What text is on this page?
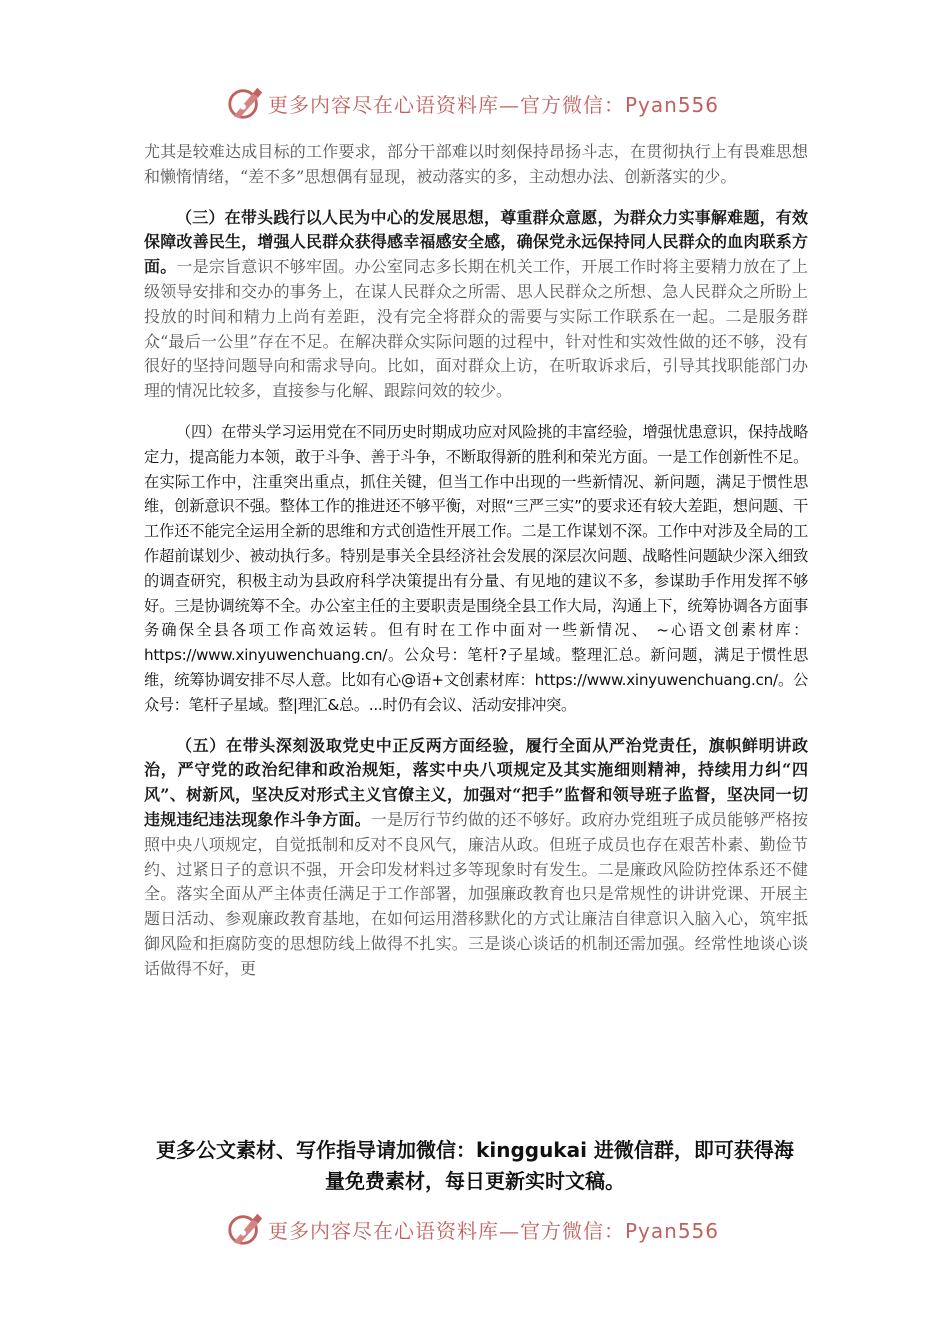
更多内容尽在心语资料库—官方微信：Pyan556

尤其是较难达成目标的工作要求，部分干部难以时刻保持昂扬斗志，在贯彻执行上有畏难思想和懒惰情绪，“差不多”思想偶有显现，被动落实的多，主动想办法、创新落实的少。

（三）在带头践行以人民为中心的发展思想，尊重群众意愿，为群众力实事解难题，有效保障改善民生，增强人民群众获得感幸福感安全感，确保党永远保持同人民群众的血肉联系方面。一是宗旨意识不够牢固。办公室同志多长期在机关工作，开展工作时将主要精力放在了上级领导安排和交办的事务上，在谋人民群众之所需、思人民群众之所想、急人民群众之所盼上投放的时间和精力上尚有差距，没有完全将群众的需要与实际工作联系在一起。二是服务群众“最后一公里”存在不足。在解决群众实际问题的过程中，针对性和实效性做的还不够，没有很好的坚持问题导向和需求导向。比如，面对群众上访，在听取诉求后，引导其找职能部门办理的情况比较多，直接参与化解、跟踪问效的较少。

（四）在带头学习运用党在不同历史时期成功应对风险挑的丰富经验，增强忧患意识，保持战略定力，提高能力本领，敢于斗争、善于斗争，不断取得新的胜利和荣光方面。一是工作创新性不足。在实际工作中，注重突出重点，抓住关键，但当工作中出现的一些新情况、新问题，满足于惯性思维，创新意识不强。整体工作的推进还不够平衡，对照“三严三实”的要求还有较大差距，想问题、干工作还不能完全运用全新的思维和方式创造性开展工作。二是工作谋划不深。工作中对涉及全局的工作超前谋划少、被动执行多。特别是事关全县经济社会发展的深层次问题、战略性问题缺少深入细致的调查研究，积极主动为县政府科学决策提出有分量、有见地的建议不多，参谋助手作用发挥不够好。三是协调统筹不全。办公室主任的主要职责是围绕全县工作大局，沟通上下，统筹协调各方面事务确保全县各项工作高效运转。但有时在工作中面对一些新情况、 ~心语文创素材库：https://www.xinyuwenchuang.cn/。公众号：笔杆?子星域。整理汇总。新问题，满足于惯性思维，统筹协调安排不尽人意。比如有心@语+文创素材库：https://www.xinyuwenchuang.cn/。公众号：笔杆子星域。整|理汇&总。...时仍有会议、活动安排冲突。

（五）在带头深刻汲取党史中正反两方面经验，履行全面从严治党责任，旗帜鲜明讲政治，严守党的政治纪律和政治规矩，落实中央八项规定及其实施细则精神，持续用力纠“四风”、树新风，坚决反对形式主义官僚主义，加强对“把手”监督和领导班子监督，坚决同一切违规违纪违法现象作斗争方面。一是厉行节约做的还不够好。政府办党组班子成员能够严格按照中央八项规定，自觉抵制和反对不良风气，廉洁从政。但班子成员也存在艰苦朴素、勤俭节约、过紧日子的意识不强，开会印发材料过多等现象时有发生。二是廉政风险防控体系还不健全。落实全面从严主体责任满足于工作部署，加强廉政教育也只是常规性的讲讲党课、开展主题日活动、参观廉政教育基地，在如何运用潜移默化的方式让廉洁自律意识入脑入心，筑牢抵御风险和拒腐防变的思想防线上做得不扎实。三是谈心谈话的机制还需加强。经常性地谈心谈话做得不好，更

更多公文素材、写作指导请加微信：kinggukai 进微信群，即可获得海量免费素材，每日更新实时文稿。
更多内容尽在心语资料库—官方微信：Pyan556
